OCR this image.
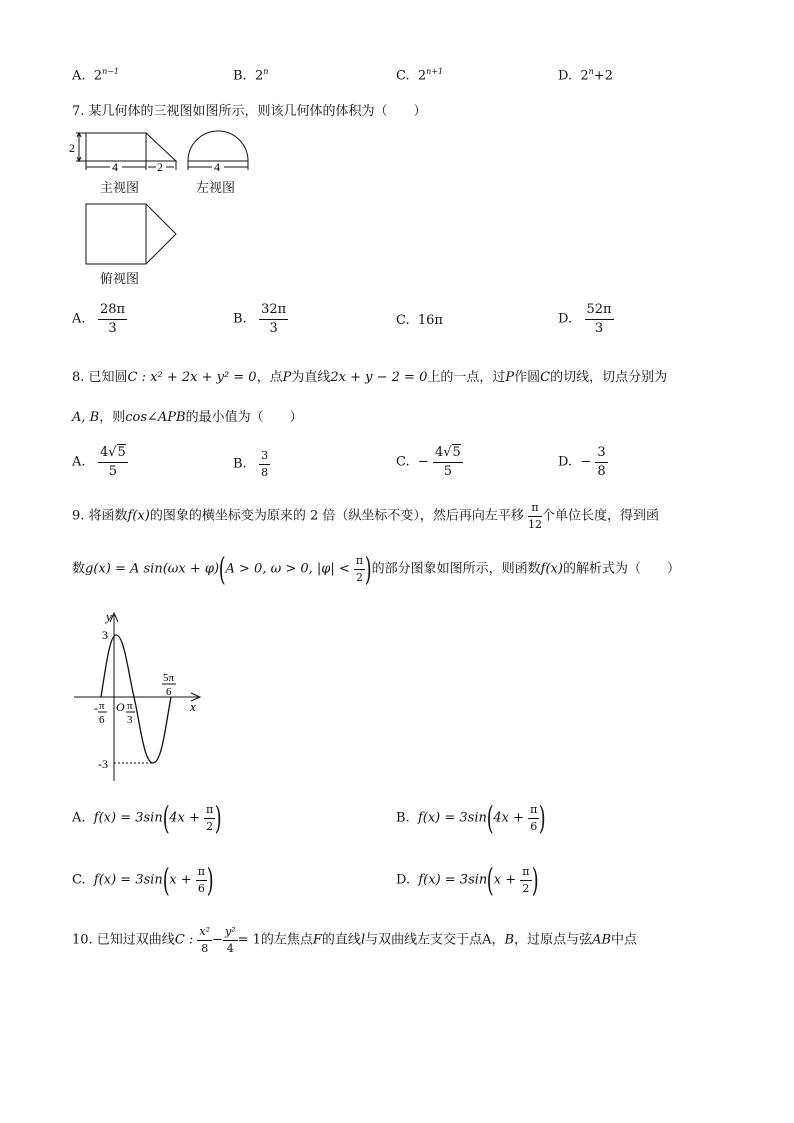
A. $2^{n-1}$	B. 2$^n$	C. $2^{n+1}$	D. $2^n+2$
7. 某几何体的三视图如图所示，则该几何体的体积为（　　）
2
4	2	4
主视图	左视图
俯视图
A. $\frac{28\pi}{3}$	B. $\frac{32\pi}{3}$	C. 16π	D. $\frac{52\pi}{3}$
8. 已知圆C : x² + 2x + y² = 0，点P为直线2x + y − 2 = 0上的一点，过P作圆C的切线，切点分别为
A, B，则cos∠APB的最小值为（　　）
A. $\frac{4√5}{5}$	B. $\frac{3}{8}$	C. − $\frac{4√5}{5}$	D. − $\frac{3}{8}$
9. 将函数f(x)的图象的横坐标变为原来的 2 倍（纵坐标不变），然后再向左平移 $\frac{\pi}{12}$ 个单位长度，得到函
数g(x) = A sin(ωx + φ)(A > 0, ω > 0, $|\varphi| < \frac{\pi}{2}$ )的部分图象如图所示，则函数f(x)的解析式为（　　）
y
x
3
-3
O
- π
6
π
3
5π
6
A. $f(x) = 3\sin(4x + \frac{\pi}{2}$ )	B. $f(x) = 3\sin(4x + \frac{\pi}{6}$ )
C. $f(x) = 3\sin(x + \frac{\pi}{6}$ )	D. $f(x) = 3\sin(x + \frac{\pi}{2}$ )
10. 已知过双曲线C : $\frac{\text{x²}}{8} - \frac{\text{y²}}{4} = 1$的左焦点F的直线l与双曲线左支交于点A，B，过原点与弦AB中点
